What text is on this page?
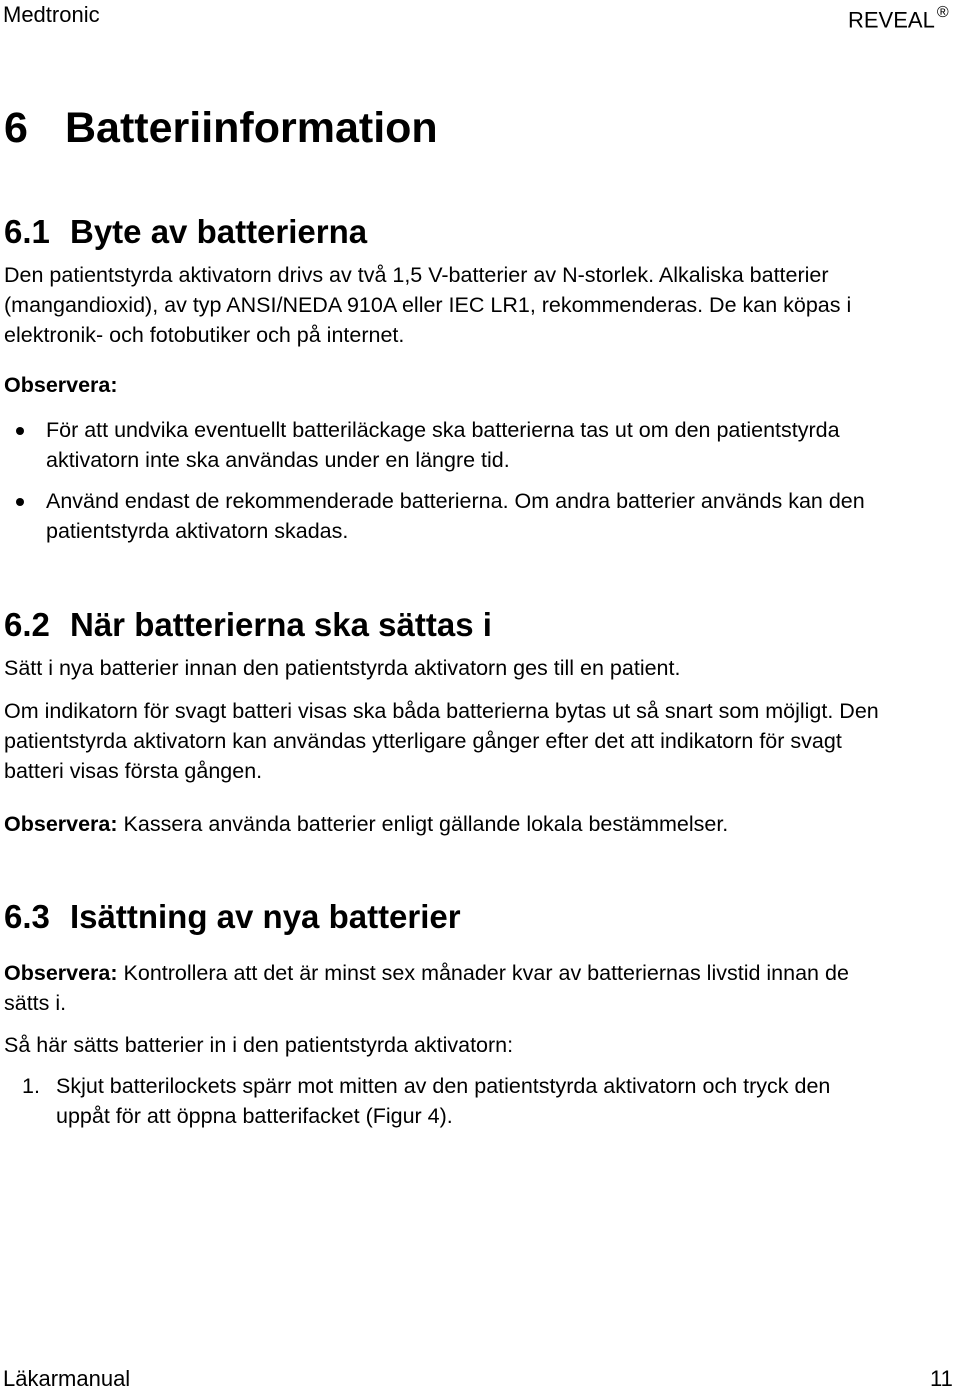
Medtronic	REVEAL ®
6 Batteriinformation
6.1 Byte av batterierna
Den patientstyrda aktivatorn drivs av två 1,5 V-batterier av N-storlek. Alkaliska batterier
(mangandioxid), av typ ANSI/NEDA 910A eller IEC LR1, rekommenderas. De kan köpas i
elektronik- och fotobutiker och på internet.
Observera:
För att undvika eventuellt batteriläckage ska batterierna tas ut om den patientstyrda
aktivatorn inte ska användas under en längre tid.
Använd endast de rekommenderade batterierna. Om andra batterier används kan den
patientstyrda aktivatorn skadas.
6.2 När batterierna ska sättas i
Sätt i nya batterier innan den patientstyrda aktivatorn ges till en patient.
Om indikatorn för svagt batteri visas ska båda batterierna bytas ut så snart som möjligt. Den
patientstyrda aktivatorn kan användas ytterligare gånger efter det att indikatorn för svagt
batteri visas första gången.
Observera: Kassera använda batterier enligt gällande lokala bestämmelser.
6.3 Isättning av nya batterier
Observera: Kontrollera att det är minst sex månader kvar av batteriernas livstid innan de
sätts i.
Så här sätts batterier in i den patientstyrda aktivatorn:
1. Skjut batterilockets spärr mot mitten av den patientstyrda aktivatorn och tryck den
uppåt för att öppna batterifacket (Figur 4).
Läkarmanual	11
